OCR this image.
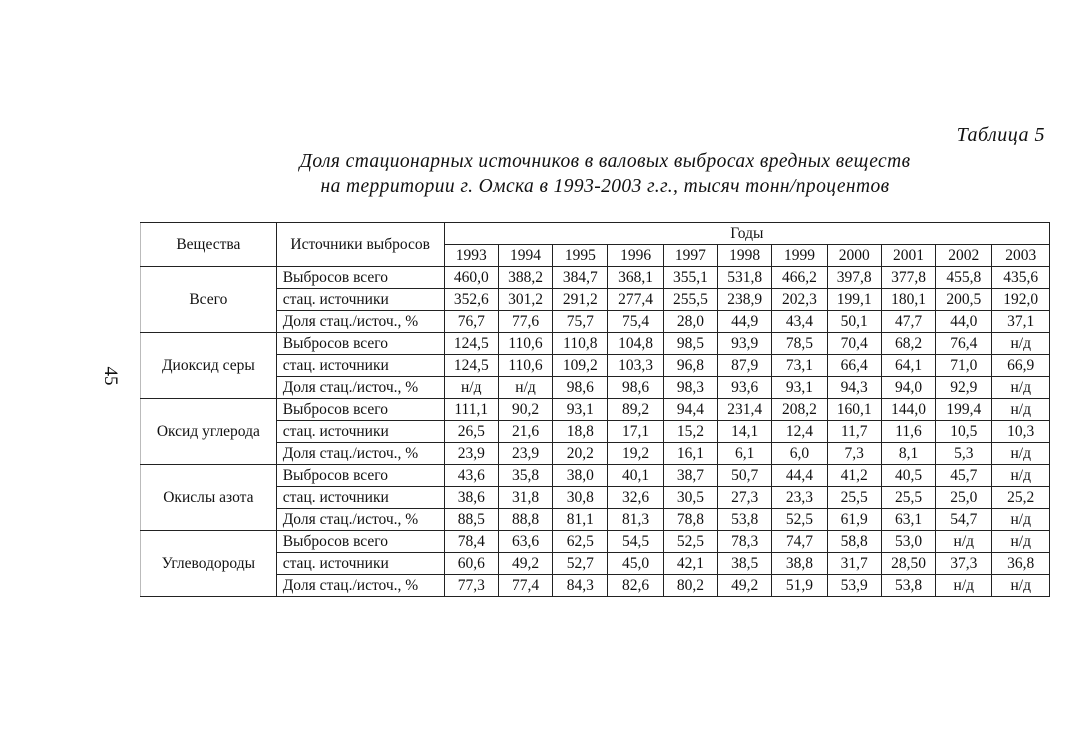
45
Таблица 5
Доля стационарных источников в валовых выбросах вредных веществ
на территории г. Омска в 1993-2003 г.г., тысяч тонн/процентов
Вещества	Источники выбросов	Годы										
		1993	1994	1995	1996	1997	1998	1999	2000	2001	2002	2003
Всего	Выбросов всего	460,0	388,2	384,7	368,1	355,1	531,8	466,2	397,8	377,8	455,8	435,6
	стац. источники	352,6	301,2	291,2	277,4	255,5	238,9	202,3	199,1	180,1	200,5	192,0
	Доля стац./источ., %	76,7	77,6	75,7	75,4	28,0	44,9	43,4	50,1	47,7	44,0	37,1
Диоксид серы	Выбросов всего	124,5	110,6	110,8	104,8	98,5	93,9	78,5	70,4	68,2	76,4	н/д
	стац. источники	124,5	110,6	109,2	103,3	96,8	87,9	73,1	66,4	64,1	71,0	66,9
	Доля стац./источ., %	н/д	н/д	98,6	98,6	98,3	93,6	93,1	94,3	94,0	92,9	н/д
Оксид углерода	Выбросов всего	111,1	90,2	93,1	89,2	94,4	231,4	208,2	160,1	144,0	199,4	н/д
	стац. источники	26,5	21,6	18,8	17,1	15,2	14,1	12,4	11,7	11,6	10,5	10,3
	Доля стац./источ., %	23,9	23,9	20,2	19,2	16,1	6,1	6,0	7,3	8,1	5,3	н/д
Окислы азота	Выбросов всего	43,6	35,8	38,0	40,1	38,7	50,7	44,4	41,2	40,5	45,7	н/д
	стац. источники	38,6	31,8	30,8	32,6	30,5	27,3	23,3	25,5	25,5	25,0	25,2
	Доля стац./источ., %	88,5	88,8	81,1	81,3	78,8	53,8	52,5	61,9	63,1	54,7	н/д
Углеводороды	Выбросов всего	78,4	63,6	62,5	54,5	52,5	78,3	74,7	58,8	53,0	н/д	н/д
	стац. источники	60,6	49,2	52,7	45,0	42,1	38,5	38,8	31,7	28,50	37,3	36,8
	Доля стац./источ., %	77,3	77,4	84,3	82,6	80,2	49,2	51,9	53,9	53,8	н/д	н/д
